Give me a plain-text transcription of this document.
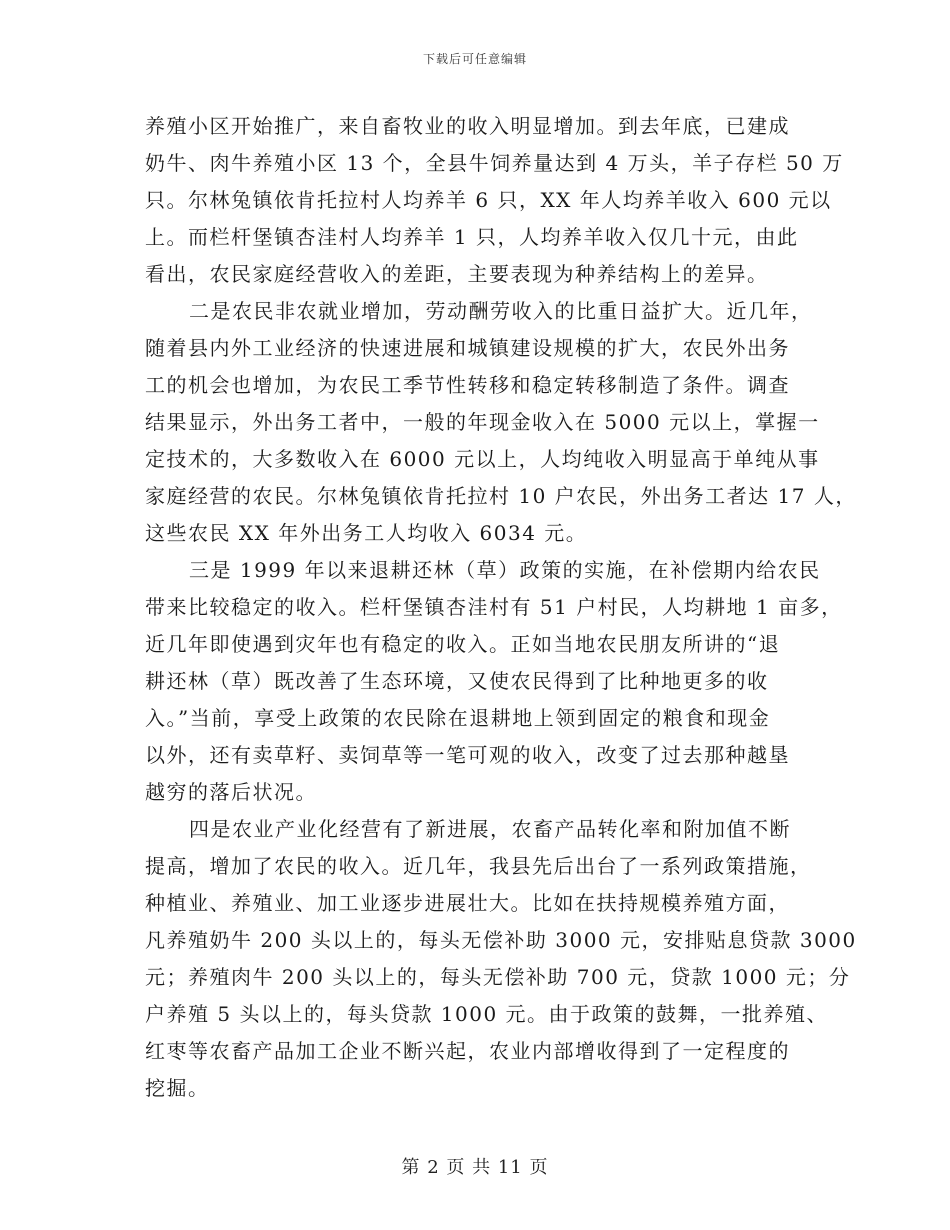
下载后可任意编辑
养殖小区开始推广，来自畜牧业的收入明显增加。到去年底，已建成
奶牛、肉牛养殖小区 13 个，全县牛饲养量达到 4 万头，羊子存栏 50 万
只。尔林兔镇依肯托拉村人均养羊 6 只，XX 年人均养羊收入 600 元以
上。而栏杆堡镇杏洼村人均养羊 1 只，人均养羊收入仅几十元，由此
看出，农民家庭经营收入的差距，主要表现为种养结构上的差异。
二是农民非农就业增加，劳动酬劳收入的比重日益扩大。近几年，
随着县内外工业经济的快速进展和城镇建设规模的扩大，农民外出务
工的机会也增加，为农民工季节性转移和稳定转移制造了条件。调查
结果显示，外出务工者中，一般的年现金收入在 5000 元以上，掌握一
定技术的，大多数收入在 6000 元以上，人均纯收入明显高于单纯从事
家庭经营的农民。尔林兔镇依肯托拉村 10 户农民，外出务工者达 17 人，
这些农民 XX 年外出务工人均收入 6034 元。
三是 1999 年以来退耕还林（草）政策的实施，在补偿期内给农民
带来比较稳定的收入。栏杆堡镇杏洼村有 51 户村民，人均耕地 1 亩多，
近几年即使遇到灾年也有稳定的收入。正如当地农民朋友所讲的“退
耕还林（草）既改善了生态环境，又使农民得到了比种地更多的收
入。”当前，享受上政策的农民除在退耕地上领到固定的粮食和现金
以外，还有卖草籽、卖饲草等一笔可观的收入，改变了过去那种越垦
越穷的落后状况。
四是农业产业化经营有了新进展，农畜产品转化率和附加值不断
提高，增加了农民的收入。近几年，我县先后出台了一系列政策措施，
种植业、养殖业、加工业逐步进展壮大。比如在扶持规模养殖方面，
凡养殖奶牛 200 头以上的，每头无偿补助 3000 元，安排贴息贷款 3000
元；养殖肉牛 200 头以上的，每头无偿补助 700 元，贷款 1000 元；分
户养殖 5 头以上的，每头贷款 1000 元。由于政策的鼓舞，一批养殖、
红枣等农畜产品加工企业不断兴起，农业内部增收得到了一定程度的
挖掘。
第 2 页 共 11 页
